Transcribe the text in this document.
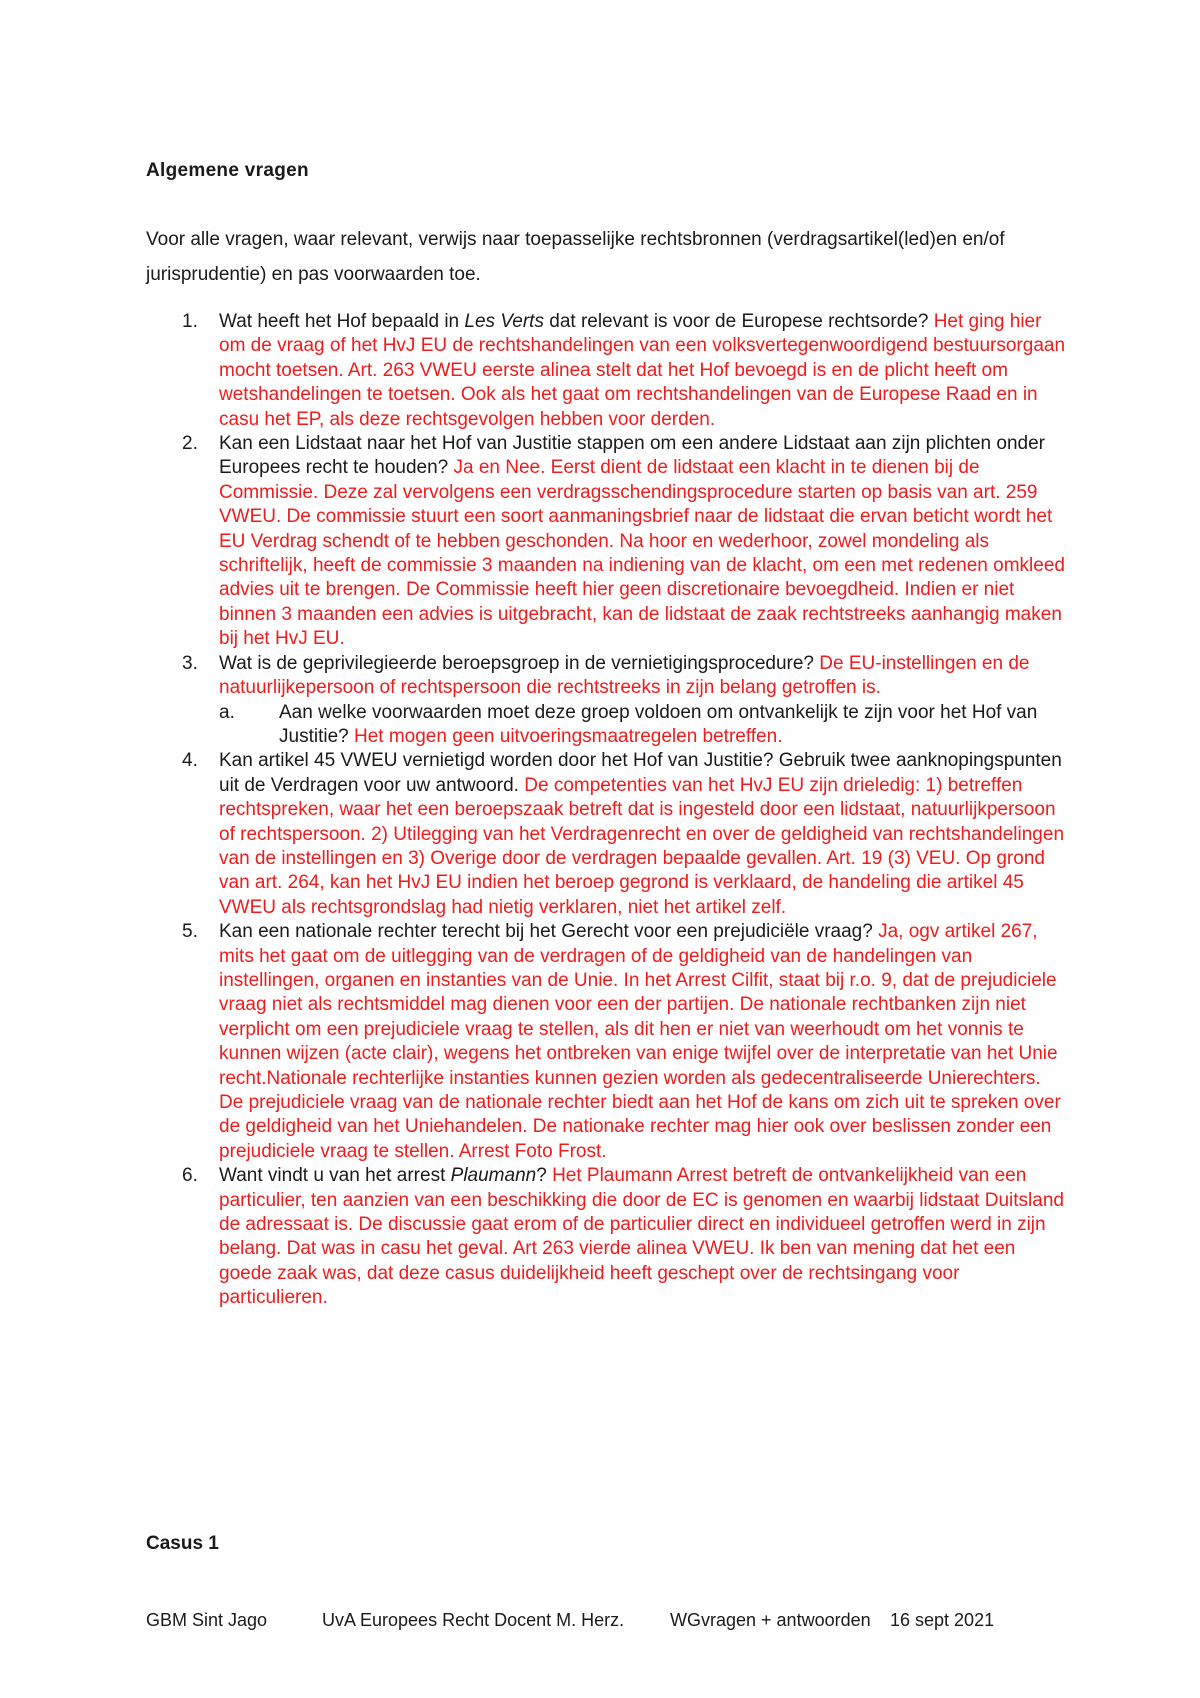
Algemene vragen
Voor alle vragen, waar relevant, verwijs naar toepasselijke rechtsbronnen (verdragsartikel(led)en en/of jurisprudentie) en pas voorwaarden toe.
1. Wat heeft het Hof bepaald in Les Verts dat relevant is voor de Europese rechtsorde? Het ging hier om de vraag of het HvJ EU de rechtshandelingen van een volksvertegenwoordigend bestuursorgaan mocht toetsen. Art. 263 VWEU eerste alinea stelt dat het Hof bevoegd is en de plicht heeft om wetshandelingen te toetsen. Ook als het gaat om rechtshandelingen van de Europese Raad en in casu het EP, als deze rechtsgevolgen hebben voor derden.
2. Kan een Lidstaat naar het Hof van Justitie stappen om een andere Lidstaat aan zijn plichten onder Europees recht te houden? Ja en Nee. Eerst dient de lidstaat een klacht in te dienen bij de Commissie. Deze zal vervolgens een verdragsschendingsprocedure starten op basis van art. 259 VWEU. De commissie stuurt een soort aanmaningsbrief naar de lidstaat die ervan beticht wordt het EU Verdrag schendt of te hebben geschonden. Na hoor en wederhoor, zowel mondeling als schriftelijk, heeft de commissie 3 maanden na indiening van de klacht, om een met redenen omkleed advies uit te brengen. De Commissie heeft hier geen discretionaire bevoegdheid. Indien er niet binnen 3 maanden een advies is uitgebracht, kan de lidstaat de zaak rechtstreeks aanhangig maken bij het HvJ EU.
3. Wat is de geprivilegieerde beroepsgroep in de vernietigingsprocedure? De EU-instellingen en de natuurlijkepersoon of rechtspersoon die rechtstreeks in zijn belang getroffen is.
a. Aan welke voorwaarden moet deze groep voldoen om ontvankelijk te zijn voor het Hof van Justitie? Het mogen geen uitvoeringsmaatregelen betreffen.
4. Kan artikel 45 VWEU vernietigd worden door het Hof van Justitie? Gebruik twee aanknopingspunten uit de Verdragen voor uw antwoord. De competenties van het HvJ EU zijn drieledig: 1) betreffen rechtspreken, waar het een beroepszaak betreft dat is ingesteld door een lidstaat, natuurlijkpersoon of rechtspersoon. 2) Utilegging van het Verdragenrecht en over de geldigheid van rechtshandelingen van de instellingen en 3) Overige door de verdragen bepaalde gevallen. Art. 19 (3) VEU. Op grond van art. 264, kan het HvJ EU indien het beroep gegrond is verklaard, de handeling die artikel 45 VWEU als rechtsgrondslag had nietig verklaren, niet het artikel zelf.
5. Kan een nationale rechter terecht bij het Gerecht voor een prejudiciële vraag? Ja, ogv artikel 267, mits het gaat om de uitlegging van de verdragen of de geldigheid van de handelingen van instellingen, organen en instanties van de Unie. In het Arrest Cilfit, staat bij r.o. 9, dat de prejudiciele vraag niet als rechtsmiddel mag dienen voor een der partijen. De nationale rechtbanken zijn niet verplicht om een prejudiciele vraag te stellen, als dit hen er niet van weerhoudt om het vonnis te kunnen wijzen (acte clair), wegens het ontbreken van enige twijfel over de interpretatie van het Unie recht.Nationale rechterlijke instanties kunnen gezien worden als gedecentraliseerde Unierechters. De prejudiciele vraag van de nationale rechter biedt aan het Hof de kans om zich uit te spreken over de geldigheid van het Uniehandelen. De nationake rechter mag hier ook over beslissen zonder een prejudiciele vraag te stellen. Arrest Foto Frost.
6. Want vindt u van het arrest Plaumann? Het Plaumann Arrest betreft de ontvankelijkheid van een particulier, ten aanzien van een beschikking die door de EC is genomen en waarbij lidstaat Duitsland de adressaat is. De discussie gaat erom of de particulier direct en individueel getroffen werd in zijn belang. Dat was in casu het geval. Art 263 vierde alinea VWEU. Ik ben van mening dat het een goede zaak was, dat deze casus duidelijkheid heeft geschept over de rechtsingang voor particulieren.
Casus 1
GBM Sint Jago	UvA Europees Recht Docent M. Herz.	WGvragen + antwoorden 16 sept 2021
